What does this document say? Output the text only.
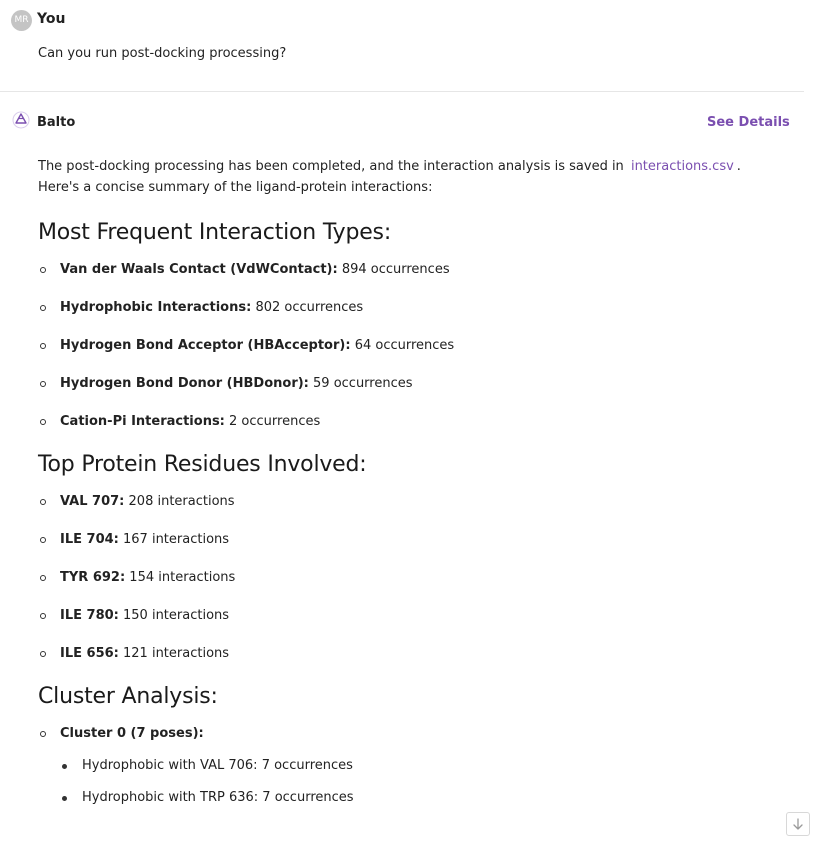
MR You
Can you run post-docking processing?
Balto	See Details

The post-docking processing has been completed, and the interaction analysis is saved in interactions.csv . Here's a concise summary of the ligand-protein interactions:

Most Frequent Interaction Types:
Van der Waals Contact (VdWContact): 894 occurrences
Hydrophobic Interactions: 802 occurrences
Hydrogen Bond Acceptor (HBAcceptor): 64 occurrences
Hydrogen Bond Donor (HBDonor): 59 occurrences
Cation-Pi Interactions: 2 occurrences
Top Protein Residues Involved:
VAL 707: 208 interactions
ILE 704: 167 interactions
TYR 692: 154 interactions
ILE 780: 150 interactions
ILE 656: 121 interactions
Cluster Analysis:
Cluster 0 (7 poses):
Hydrophobic with VAL 706: 7 occurrences
Hydrophobic with TRP 636: 7 occurrences
